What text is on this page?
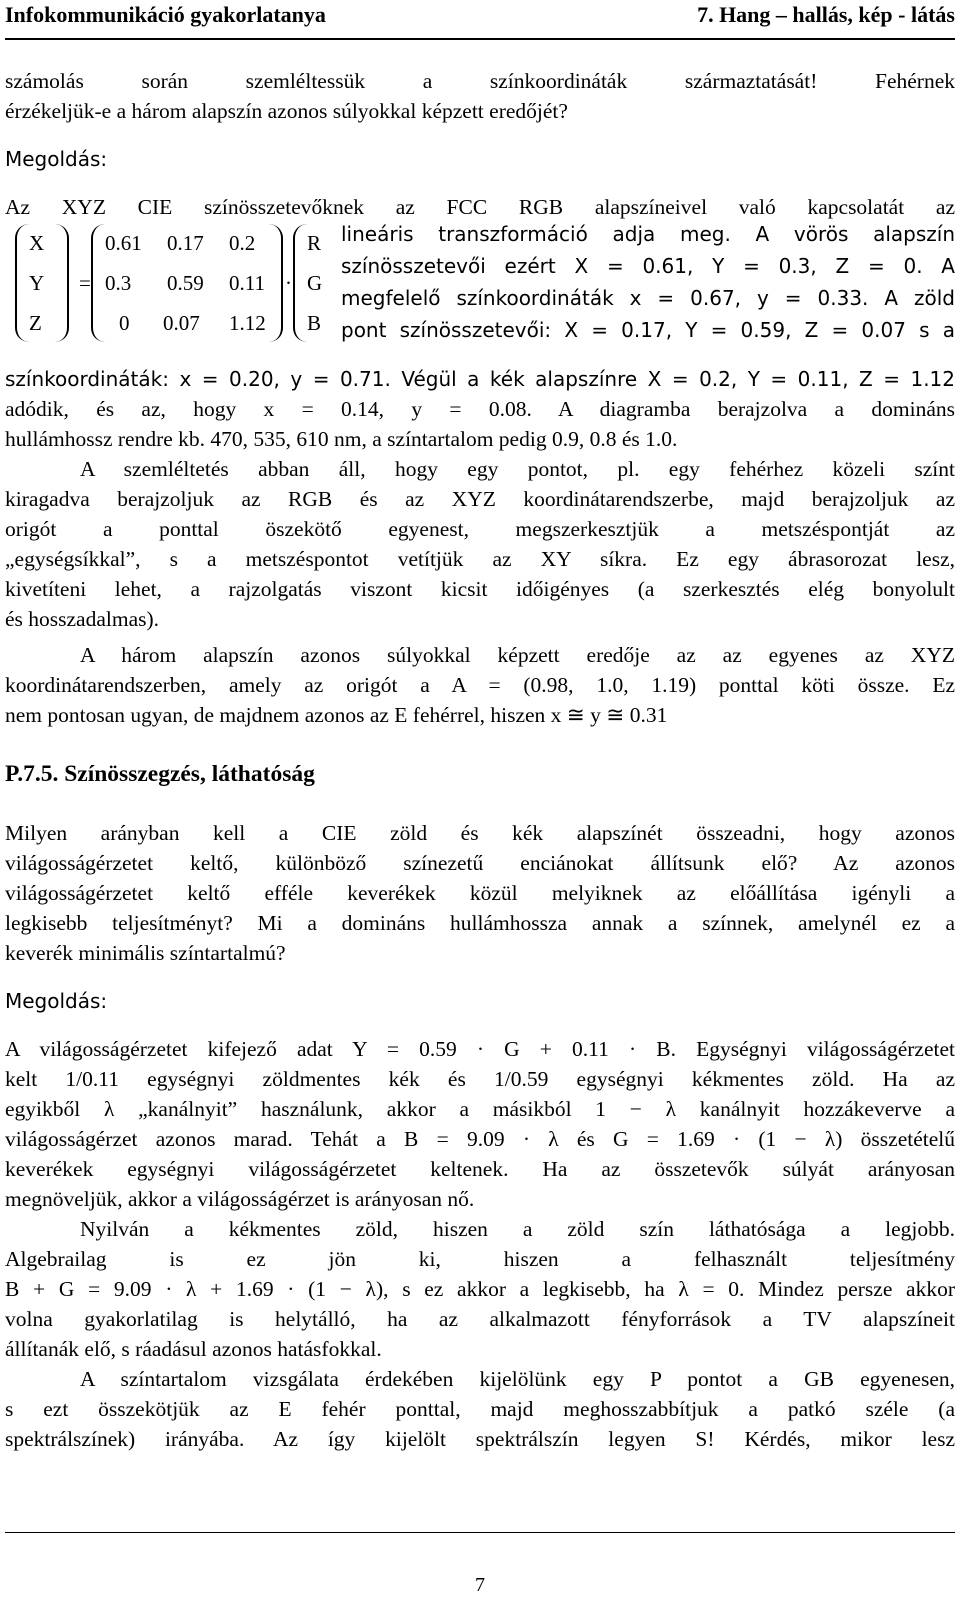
Infokommunikáció gyakorlatanya	7. Hang – hallás, kép - látás
számolás során szemléltessük a színkoordináták származtatását! Fehérnek
érzékeljük-e a három alapszín azonos súlyokkal képzett eredőjét?
Megoldás:
Az XYZ CIE színösszetevőknek az FCC RGB alapszíneivel való kapcsolatát az
X
Y
Z
=
0.61 0.17 0.2
0.3 0.59 0.11
0 0.07 1.12
·
R
G
B
lineáris transzformáció adja meg. A vörös alapszín
színösszetevői ezért X = 0.61, Y = 0.3, Z = 0. A
megfelelő színkoordináták x = 0.67, y = 0.33. A zöld
pont színösszetevői: X = 0.17, Y = 0.59, Z = 0.07 s a
színkoordináták: x = 0.20, y = 0.71. Végül a kék alapszínre X = 0.2, Y = 0.11, Z = 1.12
adódik, és az, hogy x = 0.14, y = 0.08. A diagramba berajzolva a domináns
hullámhossz rendre kb. 470, 535, 610 nm, a színtartalom pedig 0.9, 0.8 és 1.0.
A szemléltetés abban áll, hogy egy pontot, pl. egy fehérhez közeli színt
kiragadva berajzoljuk az RGB és az XYZ koordinátarendszerbe, majd berajzoljuk az
origót a ponttal öszekötő egyenest, megszerkesztjük a metszéspontját az
„egységsíkkal”, s a metszéspontot vetítjük az XY síkra. Ez egy ábrasorozat lesz,
kivetíteni lehet, a rajzolgatás viszont kicsit időigényes (a szerkesztés elég bonyolult
és hosszadalmas).
A három alapszín azonos súlyokkal képzett eredője az az egyenes az XYZ
koordinátarendszerben, amely az origót a A = (0.98, 1.0, 1.19) ponttal köti össze. Ez
nem pontosan ugyan, de majdnem azonos az E fehérrel, hiszen x ≅ y ≅ 0.31
P.7.5. Színösszegzés, láthatóság
Milyen arányban kell a CIE zöld és kék alapszínét összeadni, hogy azonos
világosságérzetet keltő, különböző színezetű enciánokat állítsunk elő? Az azonos
világosságérzetet keltő efféle keverékek közül melyiknek az előállítása igényli a
legkisebb teljesítményt? Mi a domináns hullámhossza annak a színnek, amelynél ez a
keverék minimális színtartalmú?
Megoldás:
A világosságérzetet kifejező adat Y = 0.59 · G + 0.11 · B. Egységnyi világosságérzetet
kelt 1/0.11 egységnyi zöldmentes kék és 1/0.59 egységnyi kékmentes zöld. Ha az
egyikből λ „kanálnyit” használunk, akkor a másikból 1 − λ kanálnyit hozzákeverve a
világosságérzet azonos marad. Tehát a B = 9.09 · λ és G = 1.69 · (1 − λ) összetételű
keverékek egységnyi világosságérzetet keltenek. Ha az összetevők súlyát arányosan
megnöveljük, akkor a világosságérzet is arányosan nő.
Nyilván a kékmentes zöld, hiszen a zöld szín láthatósága a legjobb.
Algebrailag is ez jön ki, hiszen a felhasznált teljesítmény
B + G = 9.09 · λ + 1.69 · (1 − λ), s ez akkor a legkisebb, ha λ = 0. Mindez persze akkor
volna gyakorlatilag is helytálló, ha az alkalmazott fényforrások a TV alapszíneit
állítanák elő, s ráadásul azonos hatásfokkal.
A színtartalom vizsgálata érdekében kijelölünk egy P pontot a GB egyenesen,
s ezt összekötjük az E fehér ponttal, majd meghosszabbítjuk a patkó széle (a
spektrálszínek) irányába. Az így kijelölt spektrálszín legyen S! Kérdés, mikor lesz
7
